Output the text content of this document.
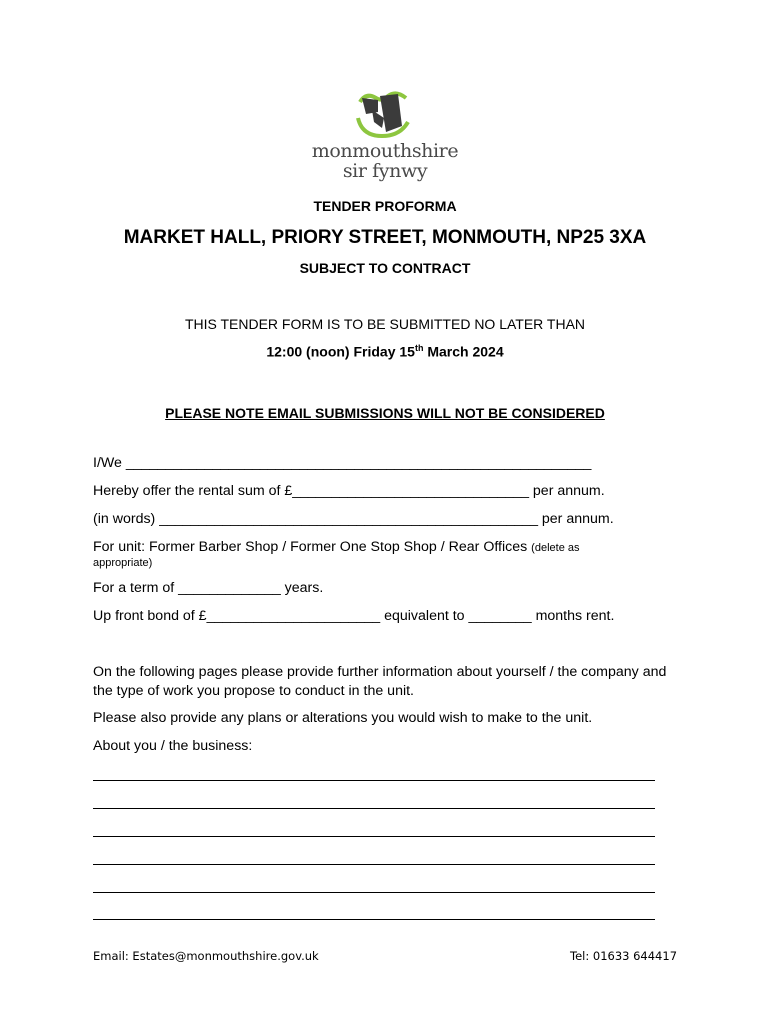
monmouthshire
sir fynwy
TENDER PROFORMA
MARKET HALL, PRIORY STREET, MONMOUTH, NP25 3XA
SUBJECT TO CONTRACT
THIS TENDER FORM IS TO BE SUBMITTED NO LATER THAN
12:00 (noon) Friday 15th March 2024
PLEASE NOTE EMAIL SUBMISSIONS WILL NOT BE CONSIDERED
I/We ___________________________________________________________
Hereby offer the rental sum of £______________________________ per annum.
(in words) ________________________________________________ per annum.
For unit: Former Barber Shop / Former One Stop Shop / Rear Offices (delete as
appropriate)
For a term of _____________ years.
Up front bond of £______________________ equivalent to ________ months rent.
On the following pages please provide further information about yourself / the company and the type of work you propose to conduct in the unit.
Please also provide any plans or alterations you would wish to make to the unit.
About you / the business:
Email: Estates@monmouthshire.gov.uk	Tel: 01633 644417
